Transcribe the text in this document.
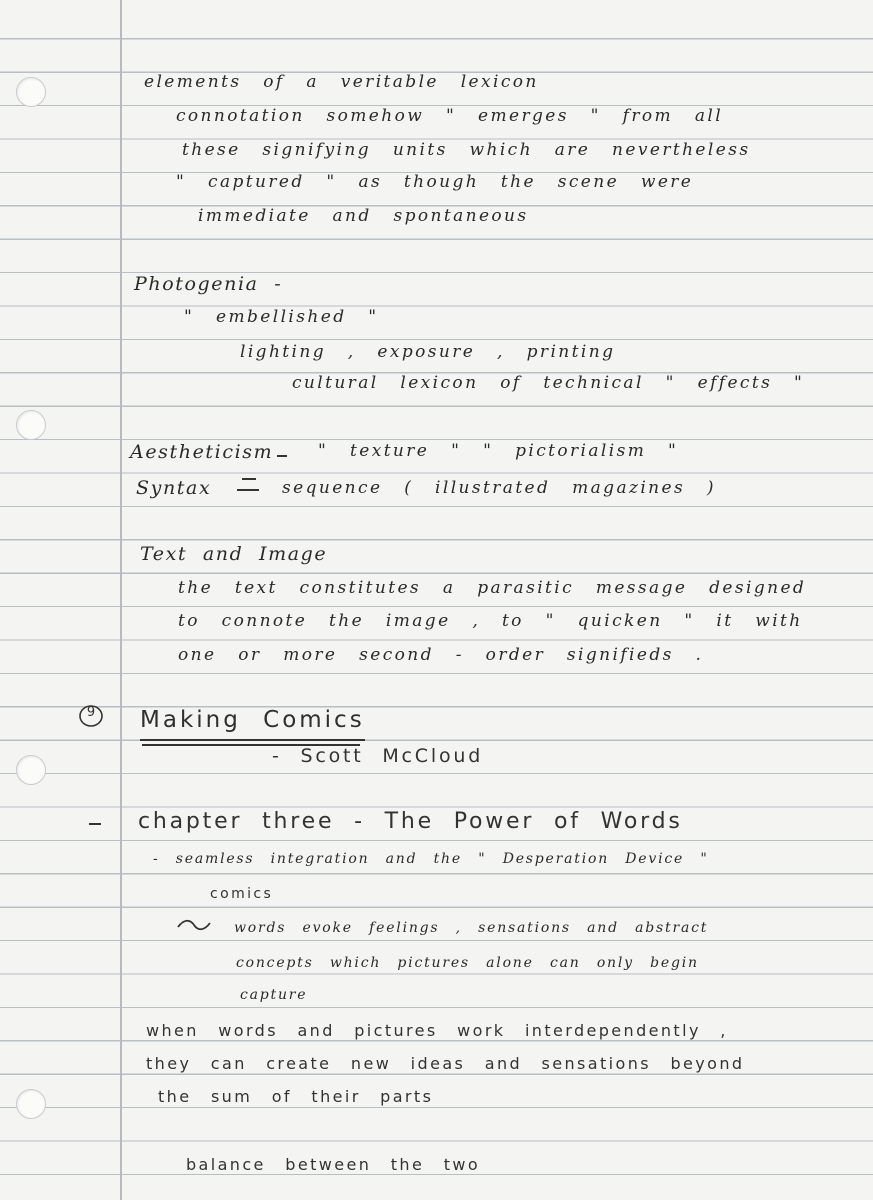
elements of a veritable lexicon
connotation somehow " emerges " from all
these signifying units which are nevertheless
" captured " as though the scene were
immediate and spontaneous
Photogenia -
" embellished "
lighting , exposure , printing
cultural lexicon of technical " effects "
Aestheticism	" texture " " pictorialism "
Syntax	sequence ( illustrated magazines )
Text and Image
the text constitutes a parasitic message designed
to connote the image , to " quicken " it with
one or more second - order signifieds .
9 Making Comics
- Scott McCloud
chapter three - The Power of Words
- seamless integration and the " Desperation Device "
comics
words evoke feelings , sensations and abstract
concepts which pictures alone can only begin
capture
when words and pictures work interdependently ,
they can create new ideas and sensations beyond
the sum of their parts
balance between the two
